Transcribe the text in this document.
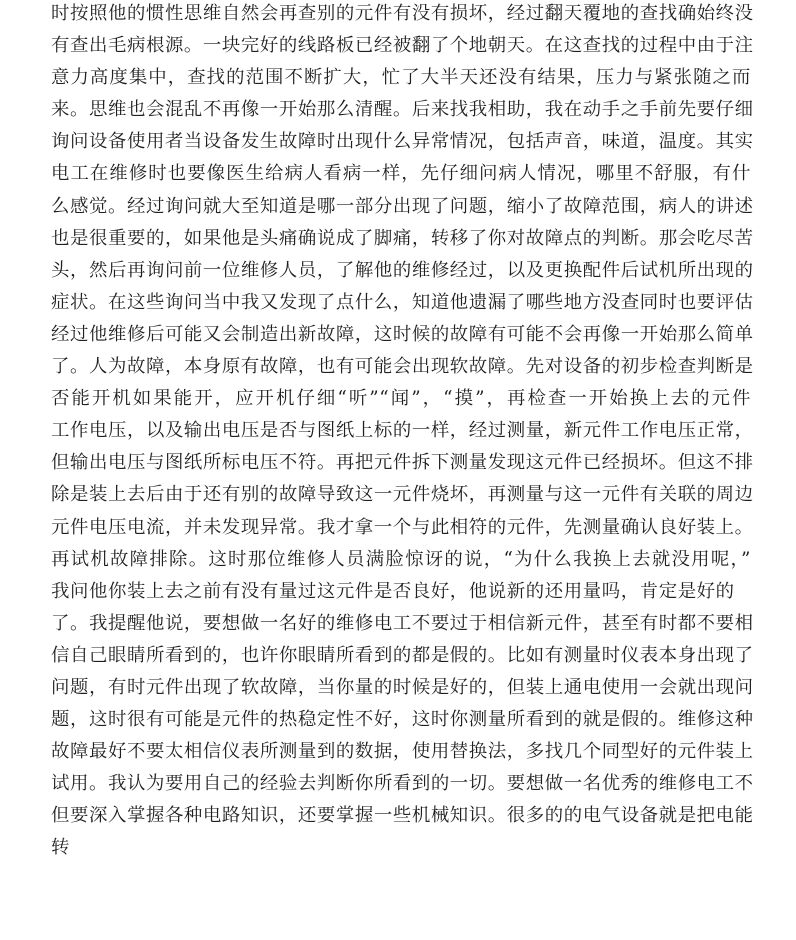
时按照他的惯性思维自然会再查别的元件有没有损坏，经过翻天覆地的查找确始终没
有查出毛病根源。一块完好的线路板已经被翻了个地朝天。在这查找的过程中由于注
意力高度集中，查找的范围不断扩大，忙了大半天还没有结果，压力与紧张随之而
来。思维也会混乱不再像一开始那么清醒。后来找我相助，我在动手之手前先要仔细
询问设备使用者当设备发生故障时出现什么异常情况，包括声音，味道，温度。其实
电工在维修时也要像医生给病人看病一样，先仔细问病人情况，哪里不舒服，有什
么感觉。经过询问就大至知道是哪一部分出现了问题，缩小了故障范围，病人的讲述
也是很重要的，如果他是头痛确说成了脚痛，转移了你对故障点的判断。那会吃尽苦
头，然后再询问前一位维修人员，了解他的维修经过，以及更换配件后试机所出现的
症状。在这些询问当中我又发现了点什么，知道他遗漏了哪些地方没查同时也要评估
经过他维修后可能又会制造出新故障，这时候的故障有可能不会再像一开始那么简单
了。人为故障，本身原有故障，也有可能会出现软故障。先对设备的初步检查判断是
否能开机如果能开，应开机仔细“听”“闻”，“摸”，再检查一开始换上去的元件
工作电压，以及输出电压是否与图纸上标的一样，经过测量，新元件工作电压正常，
但输出电压与图纸所标电压不符。再把元件拆下测量发现这元件已经损坏。但这不排
除是装上去后由于还有别的故障导致这一元件烧坏，再测量与这一元件有关联的周边
元件电压电流，并未发现异常。我才拿一个与此相符的元件，先测量确认良好装上。
再试机故障排除。这时那位维修人员满脸惊讶的说，“为什么我换上去就没用呢，”
我问他你装上去之前有没有量过这元件是否良好，他说新的还用量吗，肯定是好的
了。我提醒他说，要想做一名好的维修电工不要过于相信新元件，甚至有时都不要相
信自己眼睛所看到的，也许你眼睛所看到的都是假的。比如有测量时仪表本身出现了
问题，有时元件出现了软故障，当你量的时候是好的，但装上通电使用一会就出现问
题，这时很有可能是元件的热稳定性不好，这时你测量所看到的就是假的。维修这种
故障最好不要太相信仪表所测量到的数据，使用替换法，多找几个同型好的元件装上
试用。我认为要用自己的经验去判断你所看到的一切。要想做一名优秀的维修电工不
但要深入掌握各种电路知识，还要掌握一些机械知识。很多的的电气设备就是把电能
转
